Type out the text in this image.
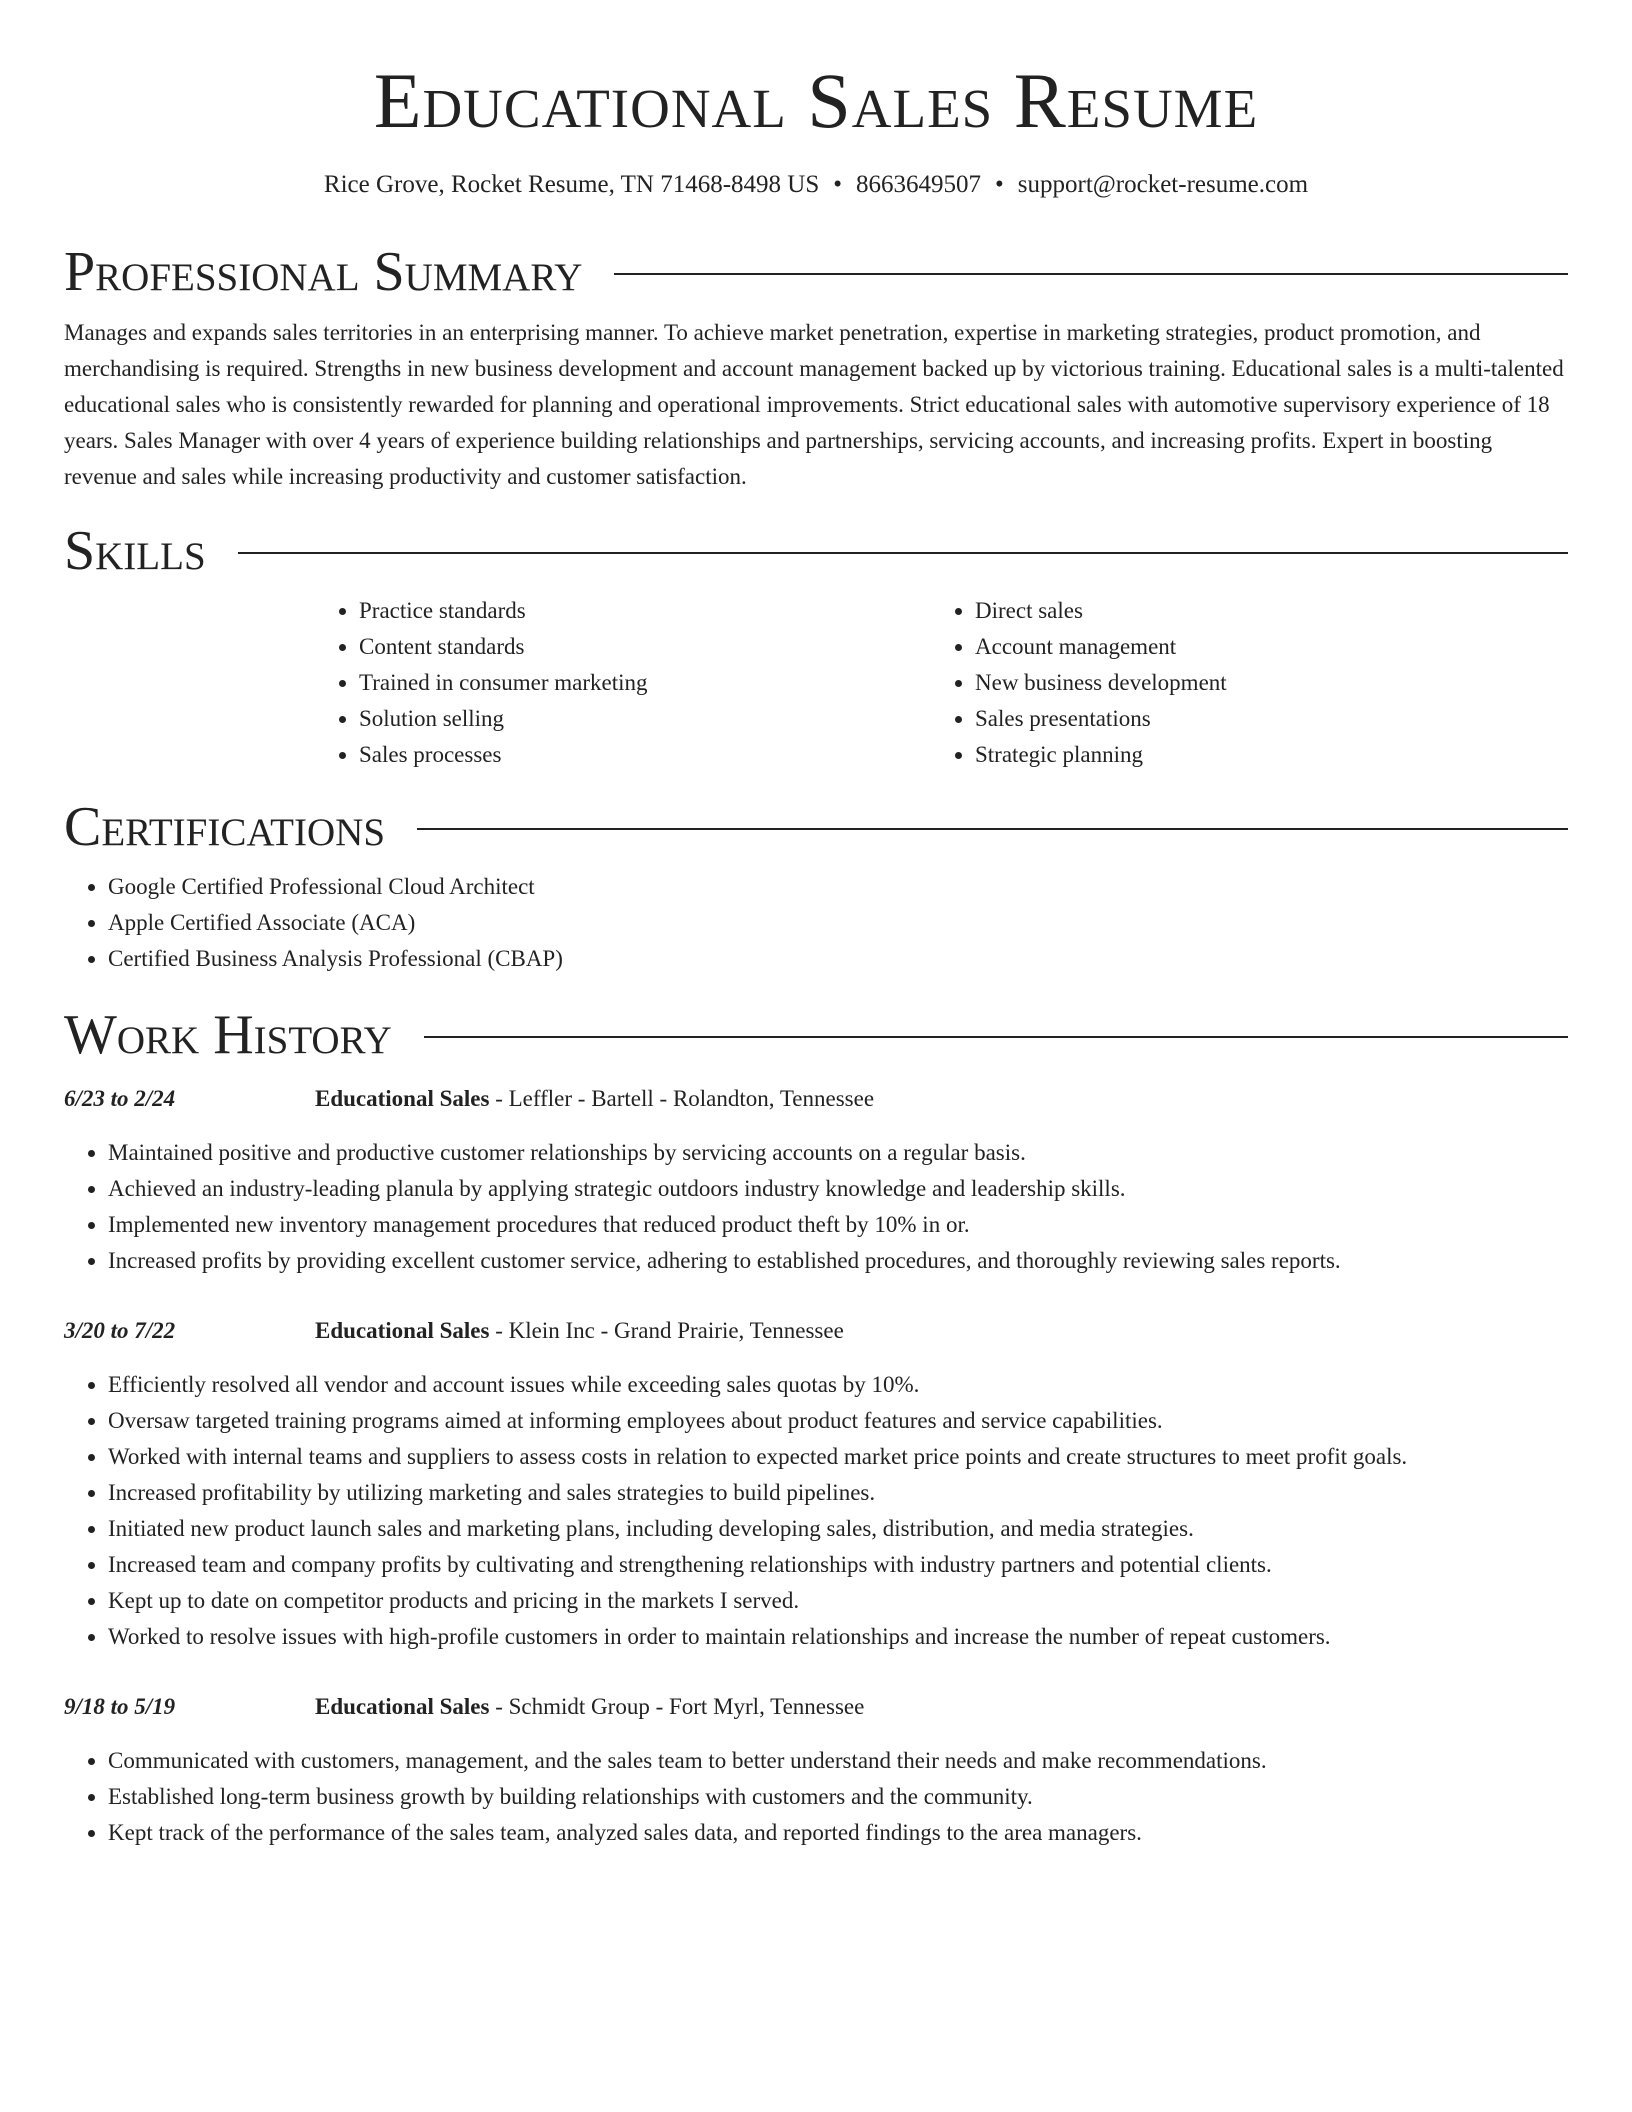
Educational Sales Resume
Rice Grove, Rocket Resume, TN 71468-8498 US • 8663649507 • support@rocket-resume.com
Professional Summary

Manages and expands sales territories in an enterprising manner. To achieve market penetration, expertise in marketing strategies, product promotion, and merchandising is required. Strengths in new business development and account management backed up by victorious training. Educational sales is a multi-talented educational sales who is consistently rewarded for planning and operational improvements. Strict educational sales with automotive supervisory experience of 18 years. Sales Manager with over 4 years of experience building relationships and partnerships, servicing accounts, and increasing profits. Expert in boosting revenue and sales while increasing productivity and customer satisfaction.

Skills
• Practice standards
• Content standards
• Trained in consumer marketing
• Solution selling
• Sales processes
• Direct sales
• Account management
• New business development
• Sales presentations
• Strategic planning
Certifications
• Google Certified Professional Cloud Architect
• Apple Certified Associate (ACA)
• Certified Business Analysis Professional (CBAP)
Work History
6/23 to 2/24	Educational Sales - Leffler - Bartell - Rolandton, Tennessee
• Maintained positive and productive customer relationships by servicing accounts on a regular basis.
• Achieved an industry-leading planula by applying strategic outdoors industry knowledge and leadership skills.
• Implemented new inventory management procedures that reduced product theft by 10% in or.
• Increased profits by providing excellent customer service, adhering to established procedures, and thoroughly reviewing sales reports.
3/20 to 7/22	Educational Sales - Klein Inc - Grand Prairie, Tennessee
• Efficiently resolved all vendor and account issues while exceeding sales quotas by 10%.
• Oversaw targeted training programs aimed at informing employees about product features and service capabilities.
• Worked with internal teams and suppliers to assess costs in relation to expected market price points and create structures to meet profit goals.
• Increased profitability by utilizing marketing and sales strategies to build pipelines.
• Initiated new product launch sales and marketing plans, including developing sales, distribution, and media strategies.
• Increased team and company profits by cultivating and strengthening relationships with industry partners and potential clients.
• Kept up to date on competitor products and pricing in the markets I served.
• Worked to resolve issues with high-profile customers in order to maintain relationships and increase the number of repeat customers.
9/18 to 5/19	Educational Sales - Schmidt Group - Fort Myrl, Tennessee
• Communicated with customers, management, and the sales team to better understand their needs and make recommendations.
• Established long-term business growth by building relationships with customers and the community.
• Kept track of the performance of the sales team, analyzed sales data, and reported findings to the area managers.
